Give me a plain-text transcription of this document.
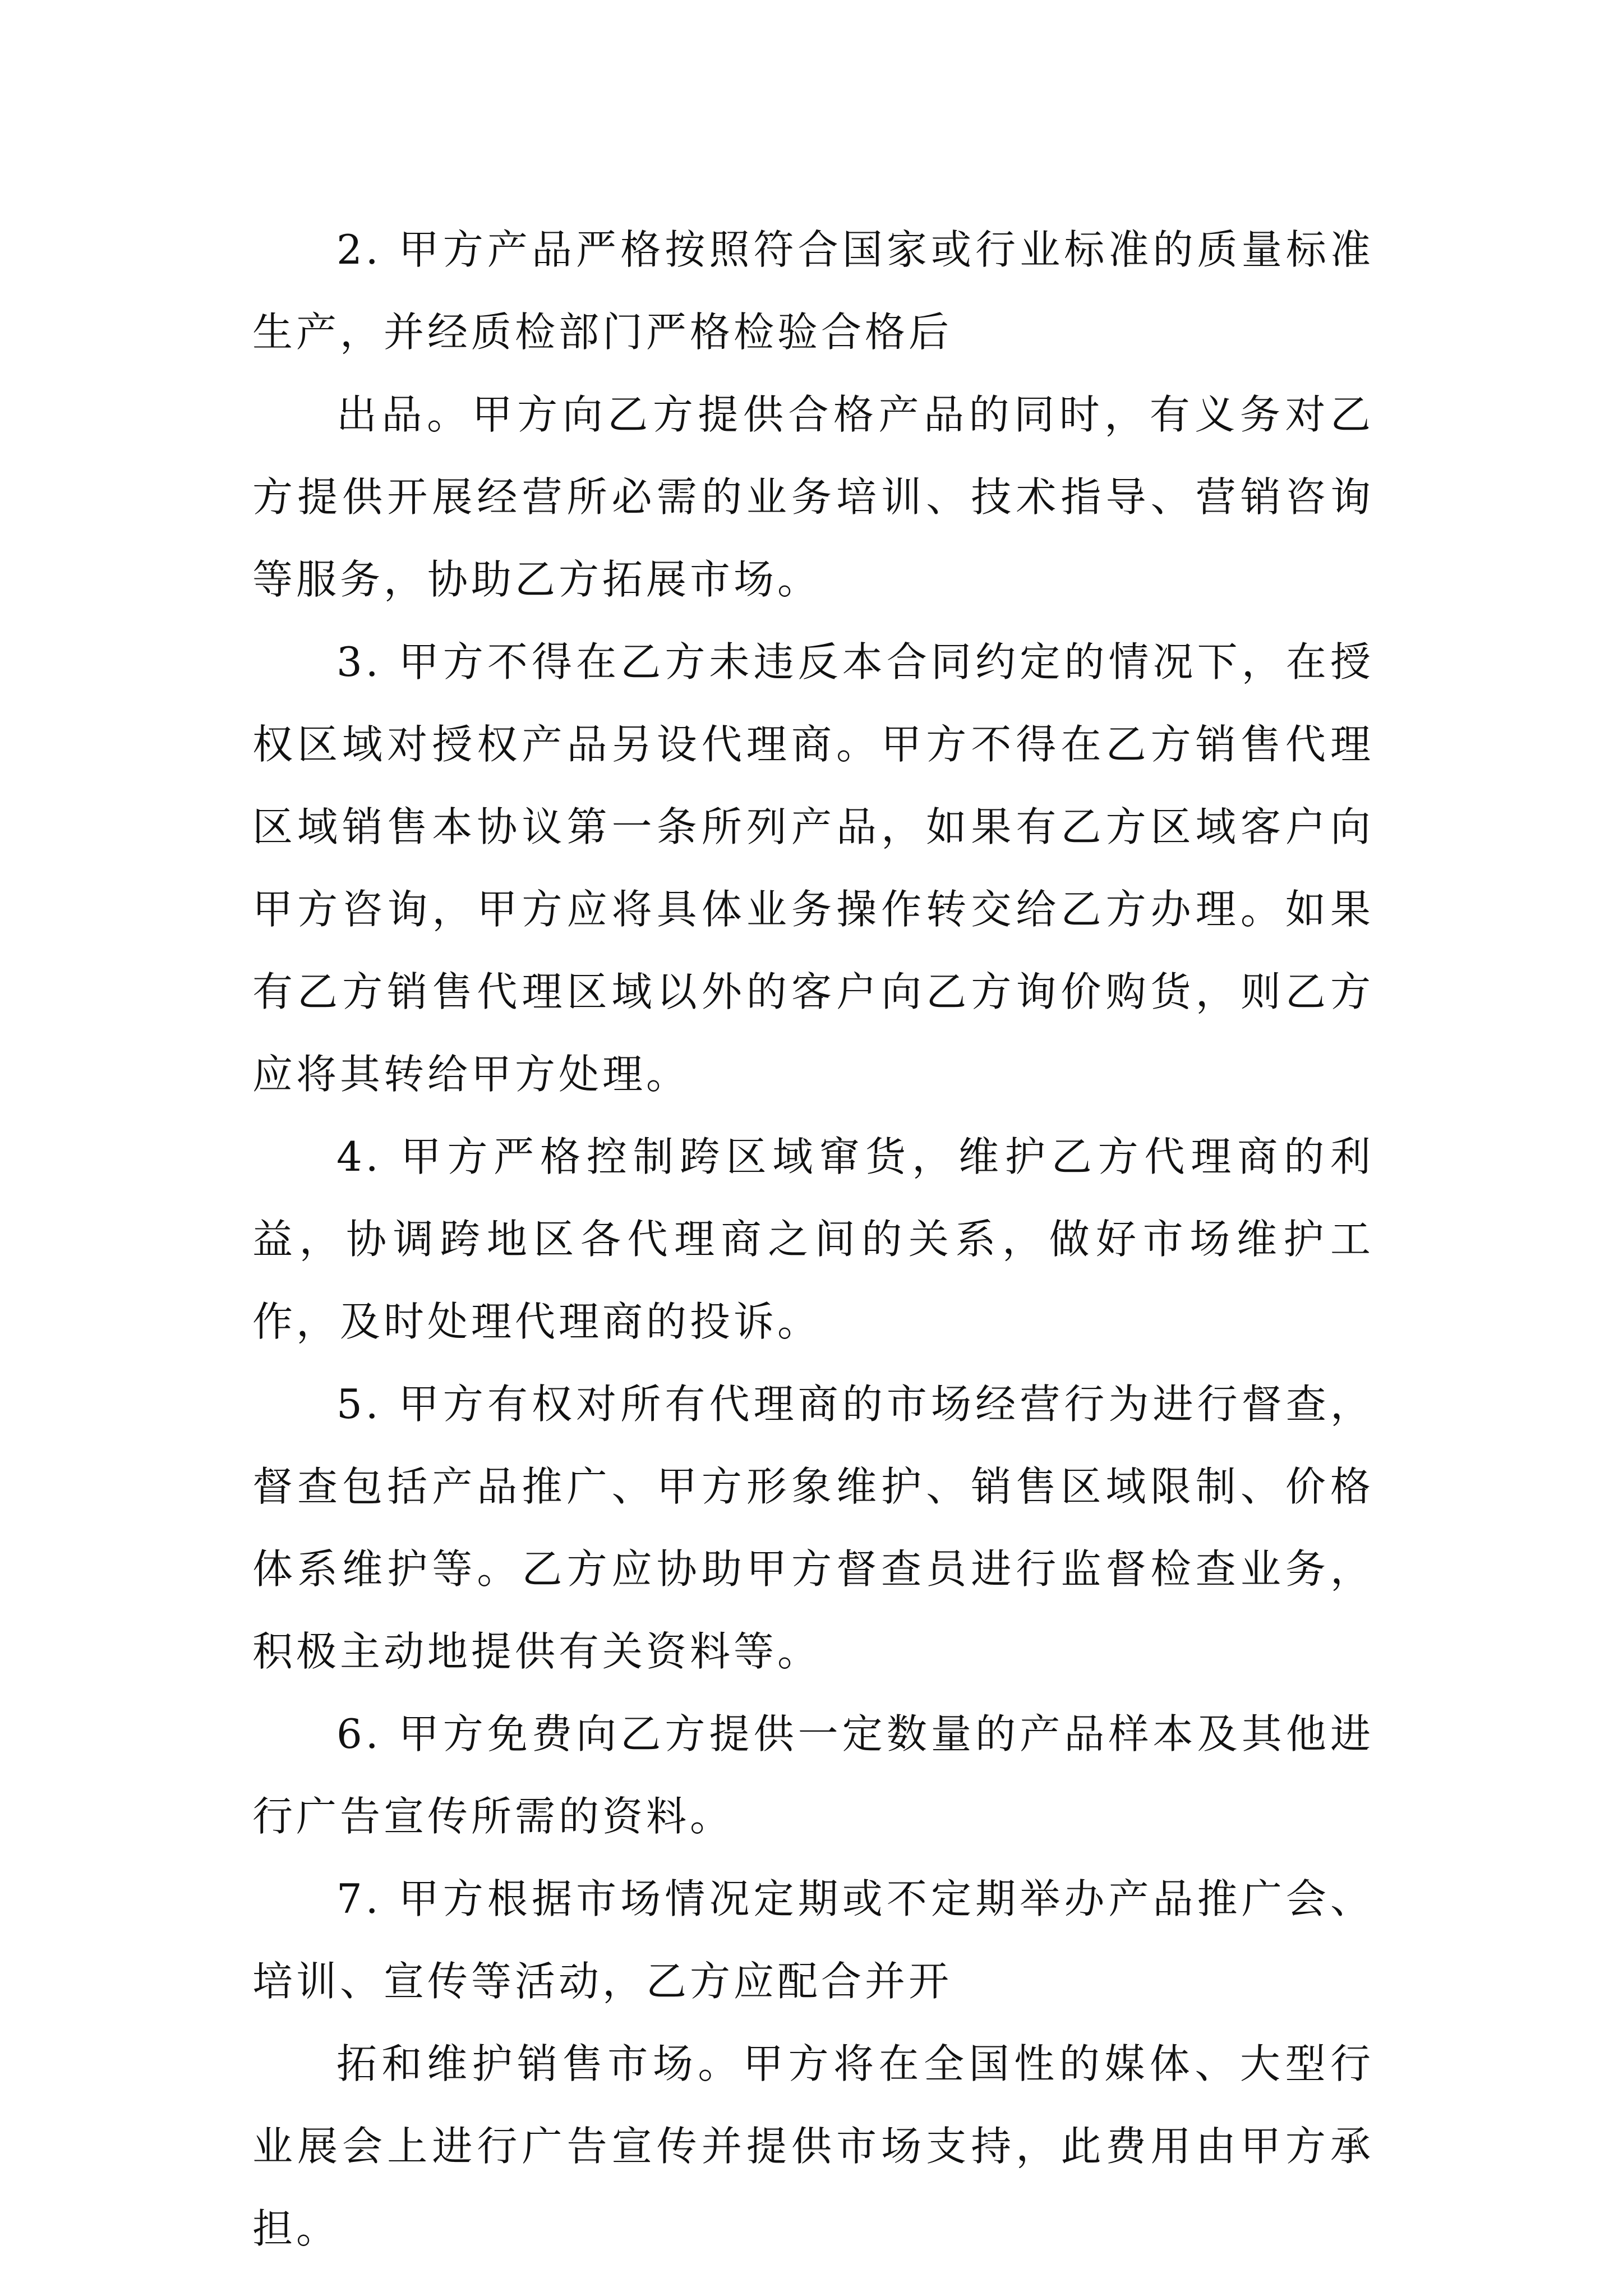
2. 甲方产品严格按照符合国家或行业标准的质量标准生产，并经质检部门严格检验合格后

出品。甲方向乙方提供合格产品的同时，有义务对乙方提供开展经营所必需的业务培训、技术指导、营销咨询等服务，协助乙方拓展市场。

3. 甲方不得在乙方未违反本合同约定的情况下，在授权区域对授权产品另设代理商。甲方不得在乙方销售代理区域销售本协议第一条所列产品，如果有乙方区域客户向甲方咨询，甲方应将具体业务操作转交给乙方办理。如果有乙方销售代理区域以外的客户向乙方询价购货，则乙方应将其转给甲方处理。

4. 甲方严格控制跨区域窜货，维护乙方代理商的利益，协调跨地区各代理商之间的关系，做好市场维护工作，及时处理代理商的投诉。

5. 甲方有权对所有代理商的市场经营行为进行督查，督查包括产品推广、甲方形象维护、销售区域限制、价格体系维护等。乙方应协助甲方督查员进行监督检查业务，积极主动地提供有关资料等。

6. 甲方免费向乙方提供一定数量的产品样本及其他进行广告宣传所需的资料。

7. 甲方根据市场情况定期或不定期举办产品推广会、培训、宣传等活动，乙方应配合并开

拓和维护销售市场。甲方将在全国性的媒体、大型行业展会上进行广告宣传并提供市场支持，此费用由甲方承担。
